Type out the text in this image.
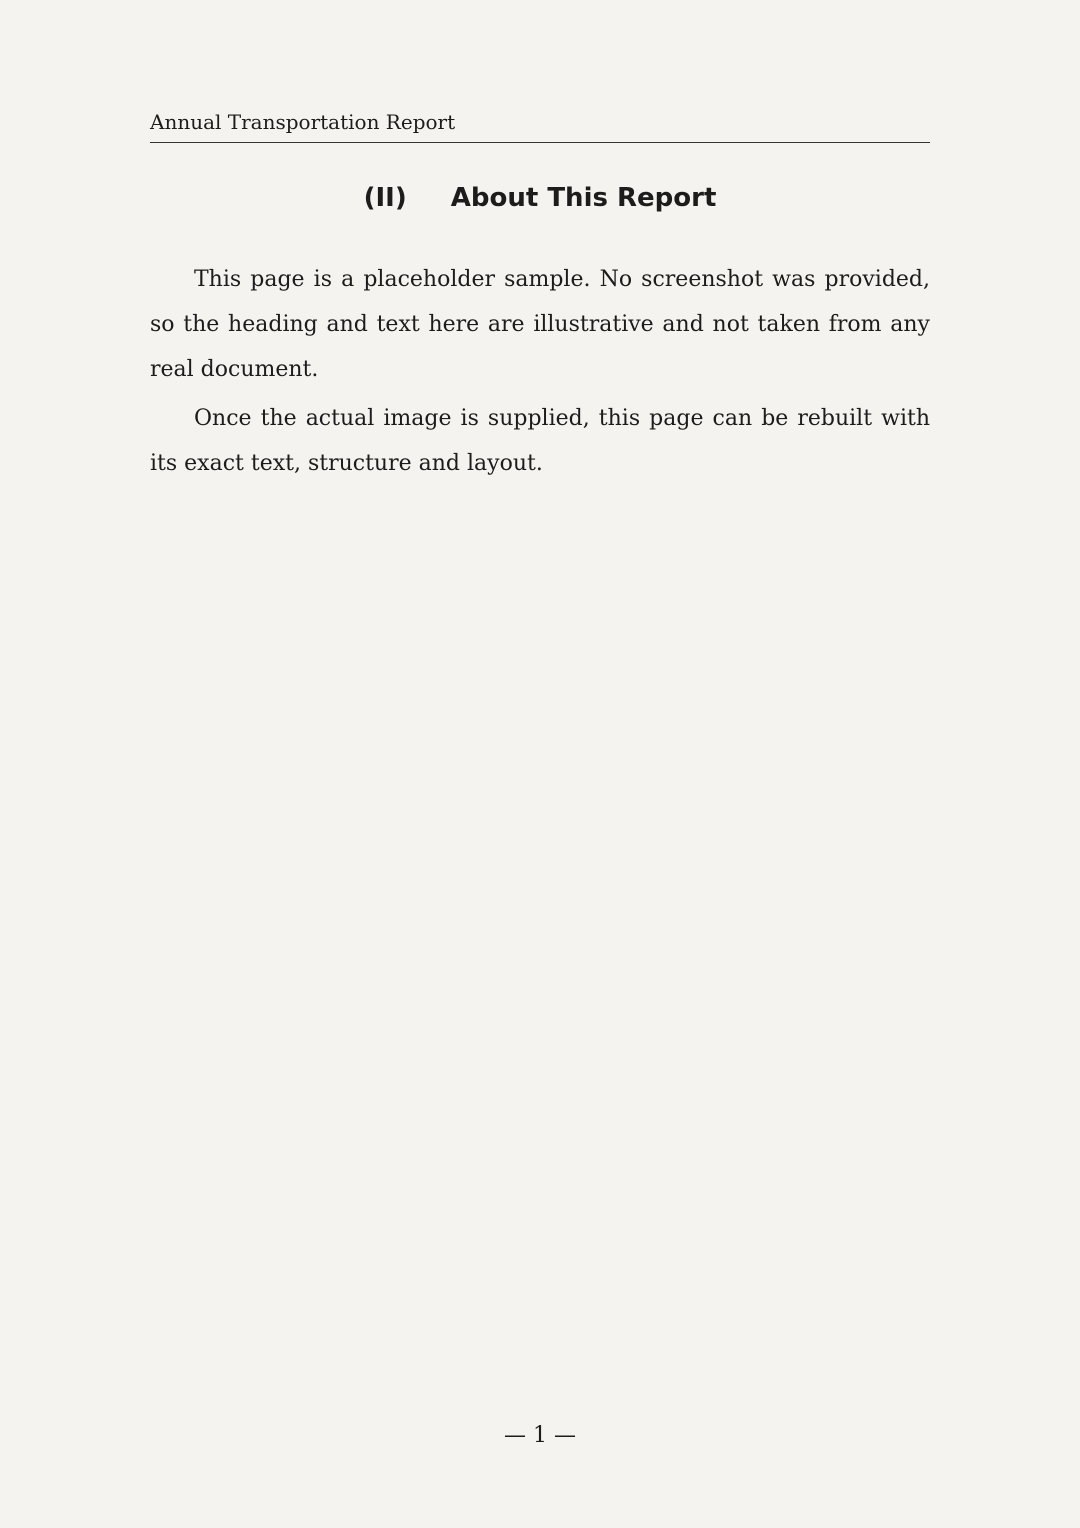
Annual Transportation Report
(II) About This Report

This page is a placeholder sample. No screenshot was provided, so the heading and text here are illustrative and not taken from any real document.

Once the actual image is supplied, this page can be rebuilt with its exact text, structure and layout.

— 1 —
